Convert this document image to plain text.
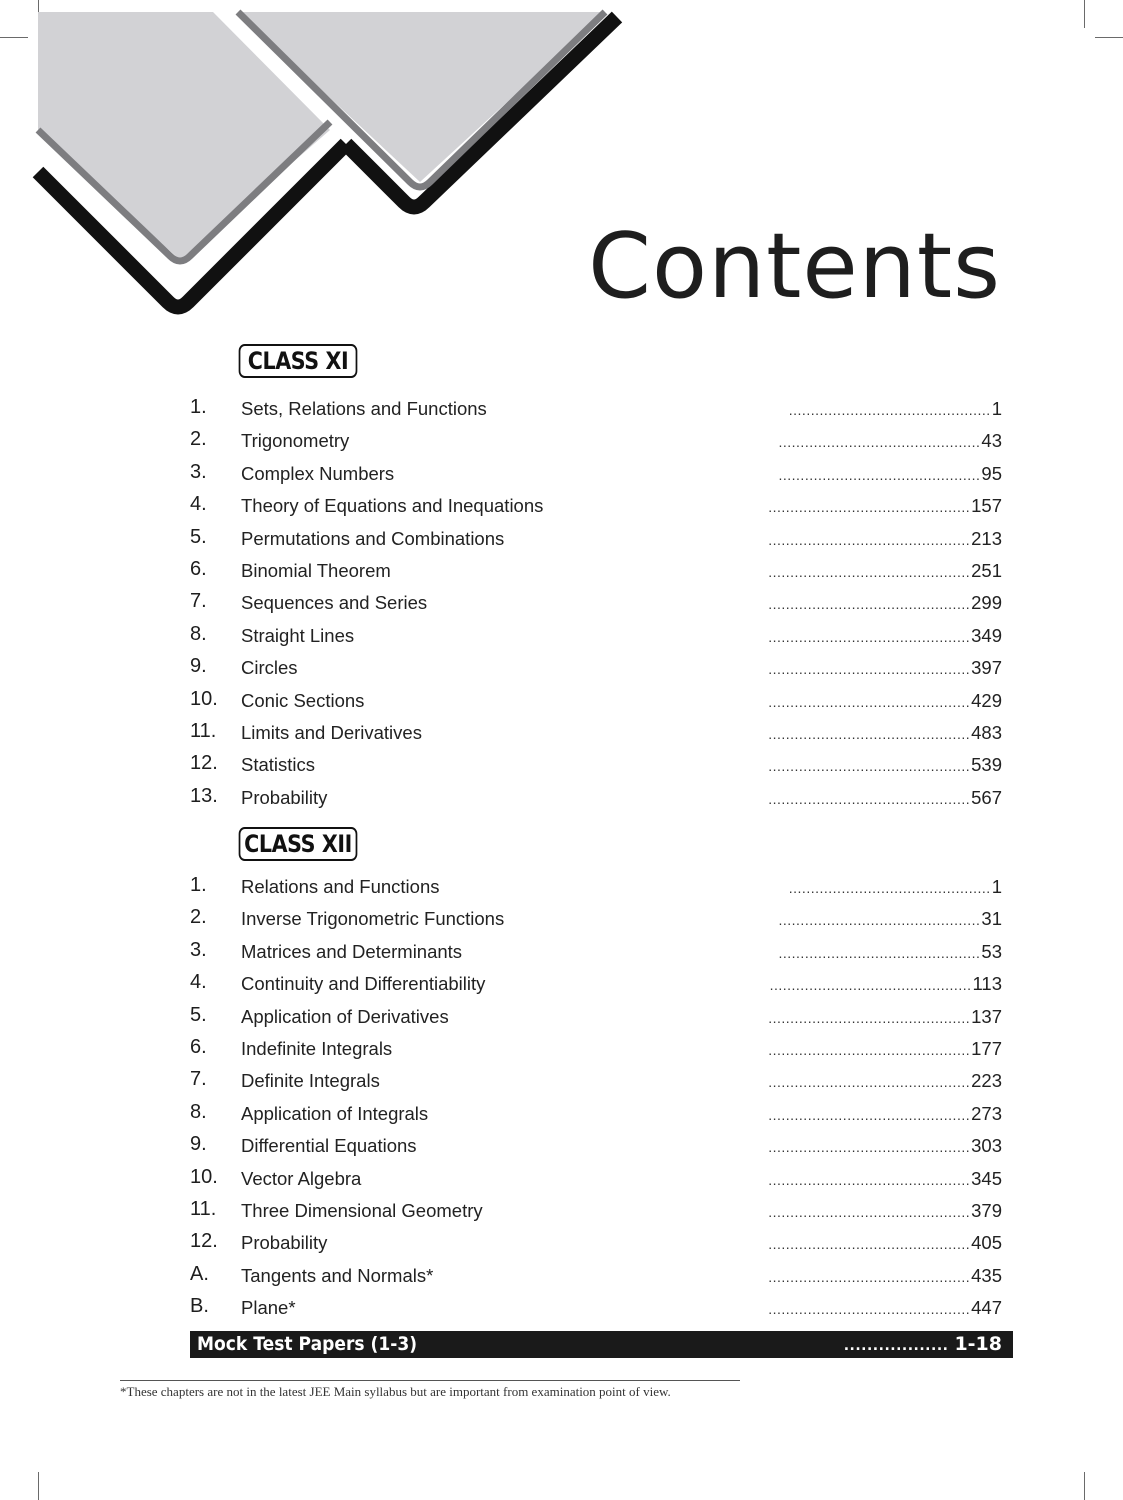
Contents
CLASS XI
1. Sets, Relations and Functions	.............................................. 1
2. Trigonometry	.............................................. 43
3. Complex Numbers	.............................................. 95
4. Theory of Equations and Inequations	.............................................. 157
5. Permutations and Combinations	.............................................. 213
6. Binomial Theorem	.............................................. 251
7. Sequences and Series	.............................................. 299
8. Straight Lines	.............................................. 349
9. Circles	.............................................. 397
10. Conic Sections	.............................................. 429
11. Limits and Derivatives	.............................................. 483
12. Statistics	.............................................. 539
13. Probability	.............................................. 567
CLASS XII
1. Relations and Functions	.............................................. 1
2. Inverse Trigonometric Functions	.............................................. 31
3. Matrices and Determinants	.............................................. 53
4. Continuity and Differentiability	.............................................. 113
5. Application of Derivatives	.............................................. 137
6. Indefinite Integrals	.............................................. 177
7. Definite Integrals	.............................................. 223
8. Application of Integrals	.............................................. 273
9. Differential Equations	.............................................. 303
10. Vector Algebra	.............................................. 345
11. Three Dimensional Geometry	.............................................. 379
12. Probability	.............................................. 405
A. Tangents and Normals*	.............................................. 435
B. Plane*	.............................................. 447
Mock Test Papers (1-3)	.................. 1-18
*These chapters are not in the latest JEE Main syllabus but are important from examination point of view.
